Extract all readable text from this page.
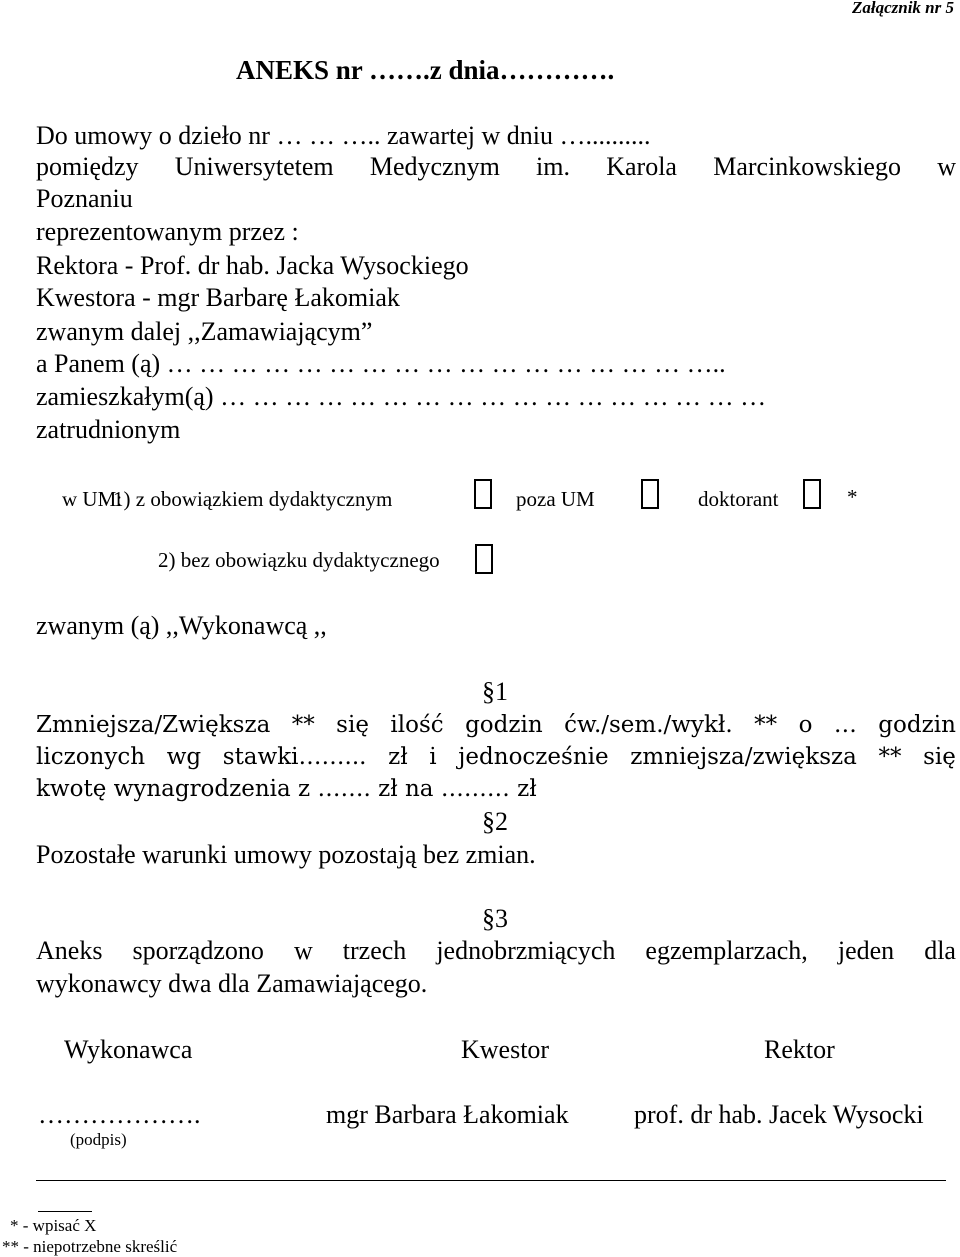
Załącznik nr 5
ANEKS nr …….z dnia………….
Do umowy o dzieło nr … … ….. zawartej w dniu …..........
pomiędzy Uniwersytetem Medycznym im. Karola Marcinkowskiego w
Poznaniu
reprezentowanym przez :
Rektora - Prof. dr hab. Jacka Wysockiego
Kwestora - mgr Barbarę Łakomiak
zwanym dalej ,,Zamawiającym”
a Panem (ą) … … … … … … … … … … … … … … … … …..
zamieszkałym(ą) … … … … … … … … … … … … … … … … …
zatrudnionym
w UM:
1) z obowiązkiem dydaktycznym	poza UM	doktorant	*
2) bez obowiązku dydaktycznego
zwanym (ą) ,,Wykonawcą ,,
§1
Zmniejsza/Zwiększa ** się ilość godzin ćw./sem./wykł. ** o … godzin
liczonych wg stawki……... zł i jednocześnie zmniejsza/zwiększa ** się
kwotę wynagrodzenia z ……. zł na ……… zł
§2
Pozostałe warunki umowy pozostają bez zmian.
§3
Aneks sporządzono w trzech jednobrzmiących egzemplarzach, jeden dla
wykonawcy dwa dla Zamawiającego.
Wykonawca	Kwestor	Rektor
……………….
(podpis)
mgr Barbara Łakomiak	prof. dr hab. Jacek Wysocki
* - wpisać X
** - niepotrzebne skreślić
